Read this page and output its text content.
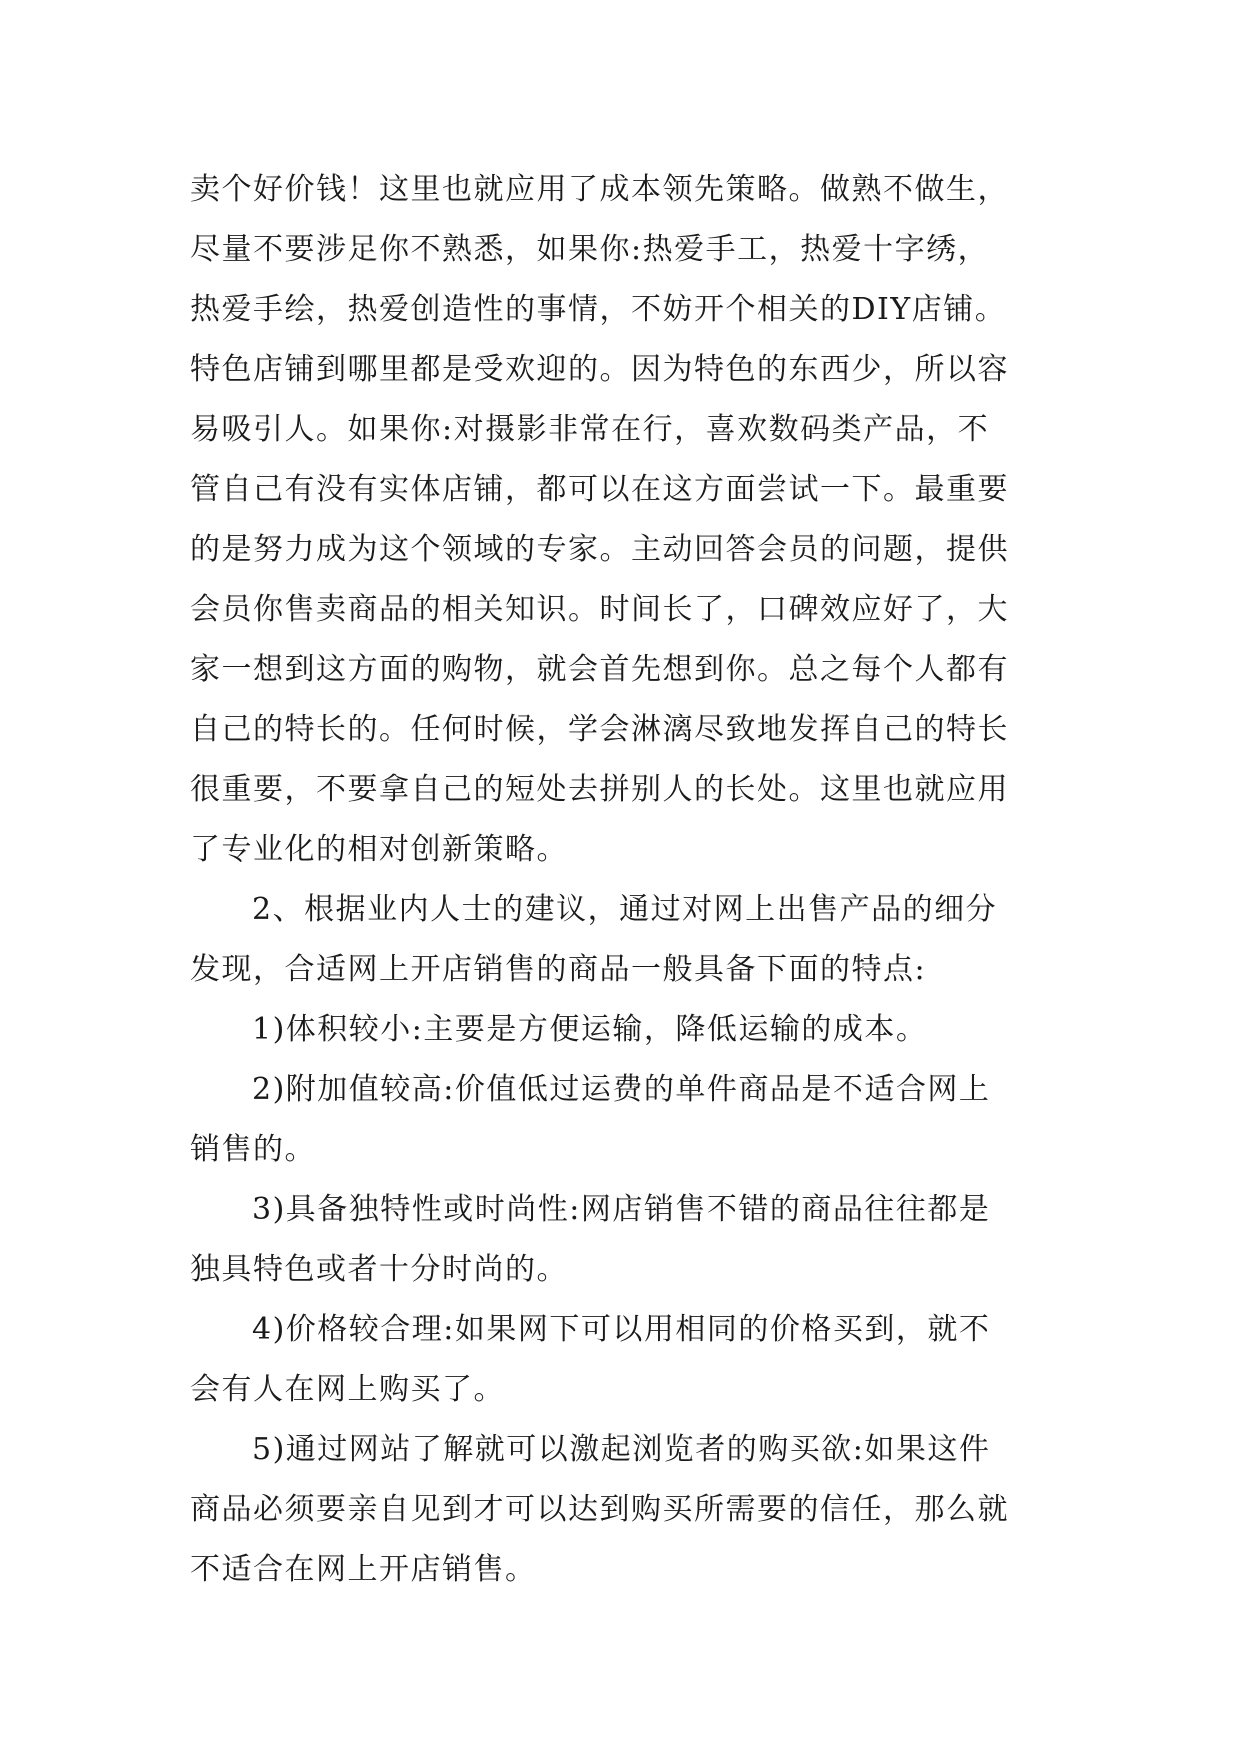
卖个好价钱！这里也就应用了成本领先策略。做熟不做生，
尽量不要涉足你不熟悉，如果你:热爱手工，热爱十字绣，
热爱手绘，热爱创造性的事情，不妨开个相关的DIY店铺。
特色店铺到哪里都是受欢迎的。因为特色的东西少，所以容
易吸引人。如果你:对摄影非常在行，喜欢数码类产品，不
管自己有没有实体店铺，都可以在这方面尝试一下。最重要
的是努力成为这个领域的专家。主动回答会员的问题，提供
会员你售卖商品的相关知识。时间长了，口碑效应好了，大
家一想到这方面的购物，就会首先想到你。总之每个人都有
自己的特长的。任何时候，学会淋漓尽致地发挥自己的特长
很重要，不要拿自己的短处去拼别人的长处。这里也就应用
了专业化的相对创新策略。
2、根据业内人士的建议，通过对网上出售产品的细分
发现，合适网上开店销售的商品一般具备下面的特点:
1)体积较小:主要是方便运输，降低运输的成本。
2)附加值较高:价值低过运费的单件商品是不适合网上
销售的。
3)具备独特性或时尚性:网店销售不错的商品往往都是
独具特色或者十分时尚的。
4)价格较合理:如果网下可以用相同的价格买到，就不
会有人在网上购买了。
5)通过网站了解就可以激起浏览者的购买欲:如果这件
商品必须要亲自见到才可以达到购买所需要的信任，那么就
不适合在网上开店销售。
